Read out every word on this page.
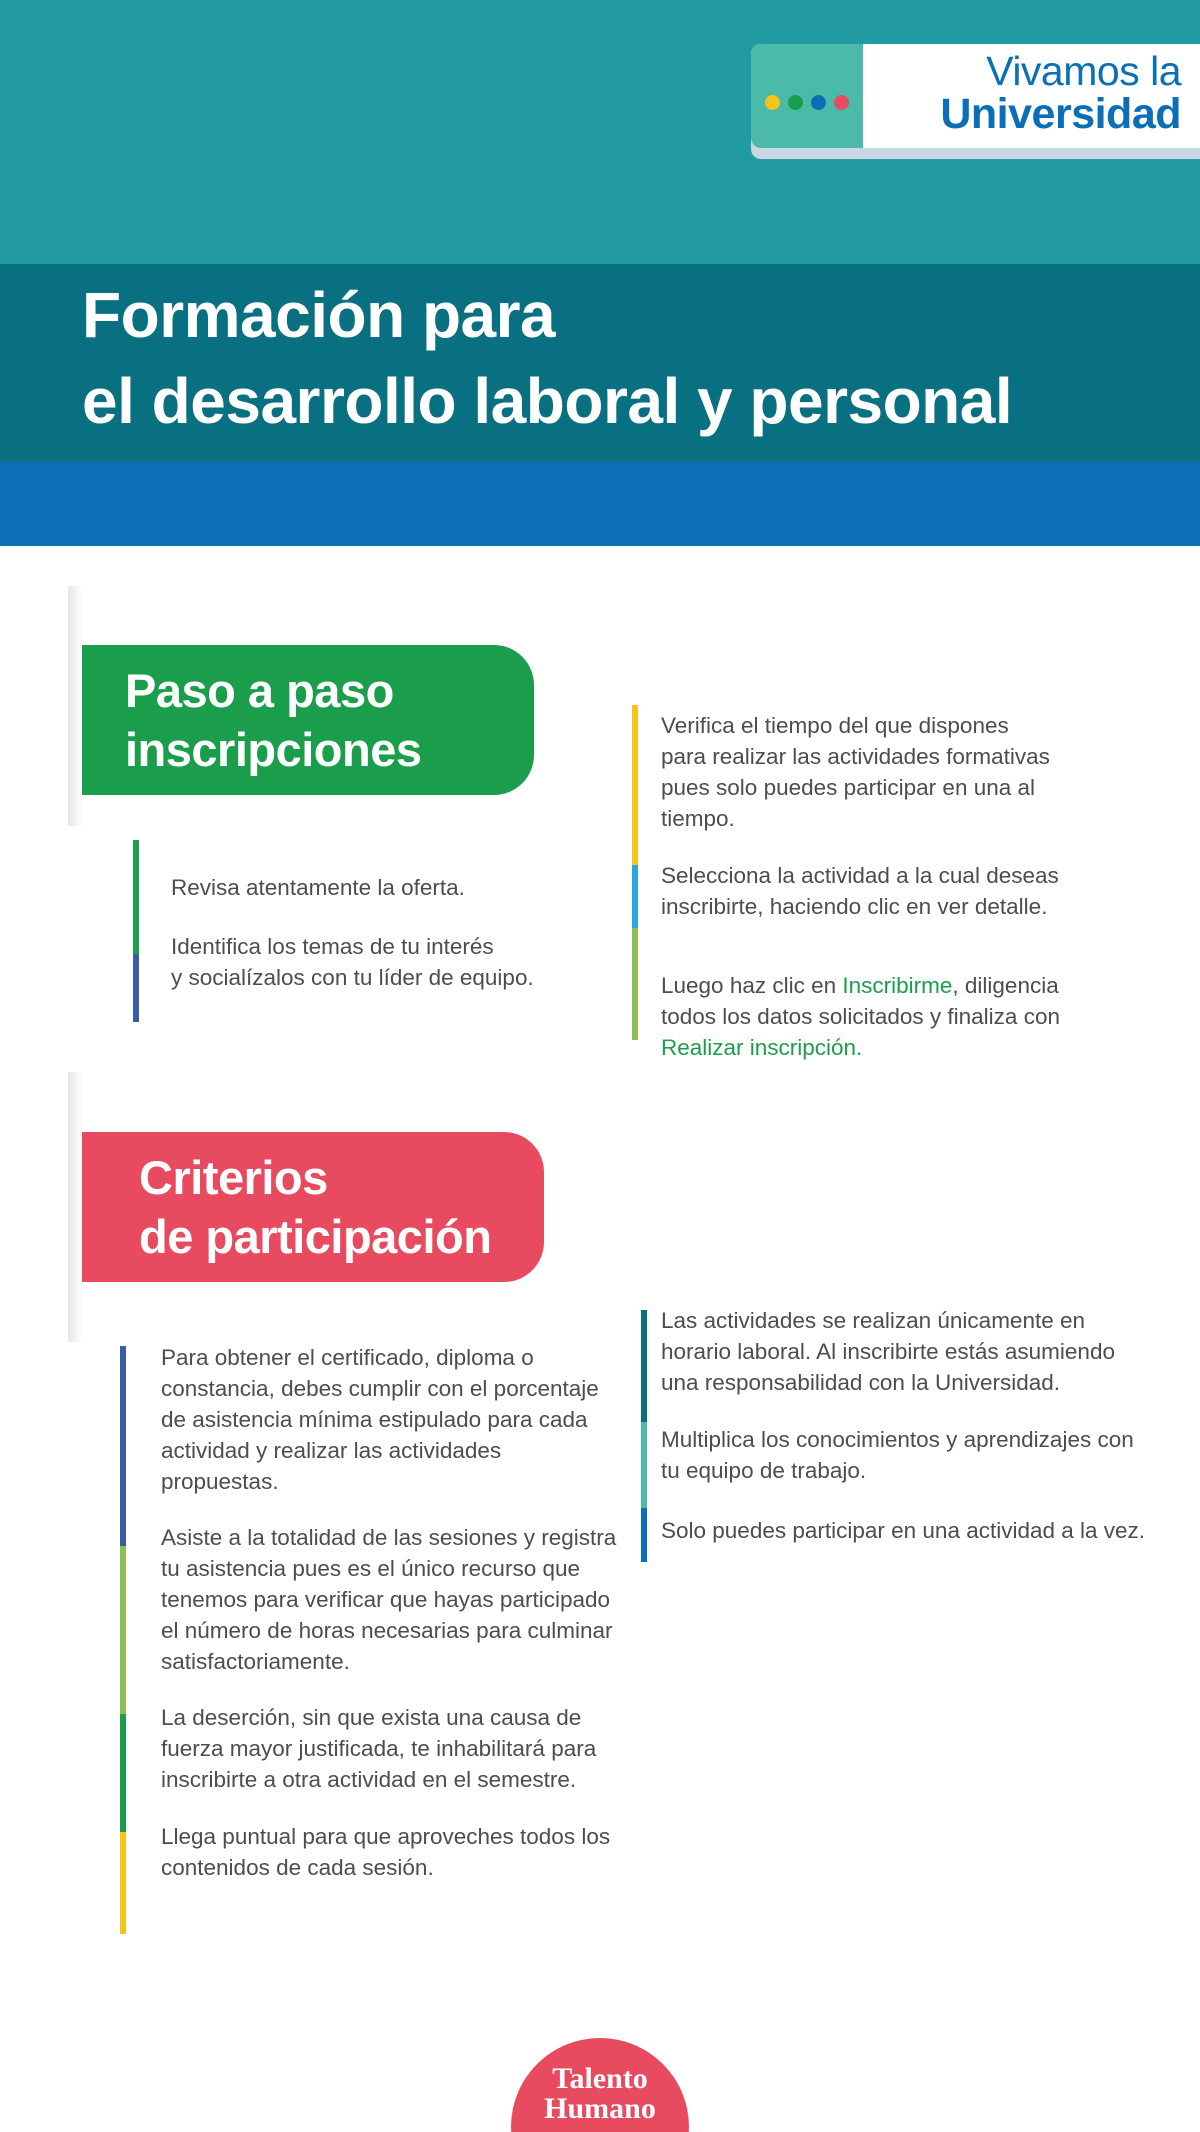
Vivamos la
Universidad
Formación para
el desarrollo laboral y personal
Paso a paso
inscripciones
Revisa atentamente la oferta.
Identifica los temas de tu interés
y socialízalos con tu líder de equipo.
Verifica el tiempo del que dispones
para realizar las actividades formativas
pues solo puedes participar en una al
tiempo.
Selecciona la actividad a la cual deseas
inscribirte, haciendo clic en ver detalle.
Luego haz clic en Inscribirme, diligencia
todos los datos solicitados y finaliza con
Realizar inscripción.
Criterios
de participación
Para obtener el certificado, diploma o
constancia, debes cumplir con el porcentaje
de asistencia mínima estipulado para cada
actividad y realizar las actividades
propuestas.
Asiste a la totalidad de las sesiones y registra
tu asistencia pues es el único recurso que
tenemos para verificar que hayas participado
el número de horas necesarias para culminar
satisfactoriamente.
La deserción, sin que exista una causa de
fuerza mayor justificada, te inhabilitará para
inscribirte a otra actividad en el semestre.
Llega puntual para que aproveches todos los
contenidos de cada sesión.
Las actividades se realizan únicamente en
horario laboral. Al inscribirte estás asumiendo
una responsabilidad con la Universidad.
Multiplica los conocimientos y aprendizajes con
tu equipo de trabajo.
Solo puedes participar en una actividad a la vez.
Talento
Humano
